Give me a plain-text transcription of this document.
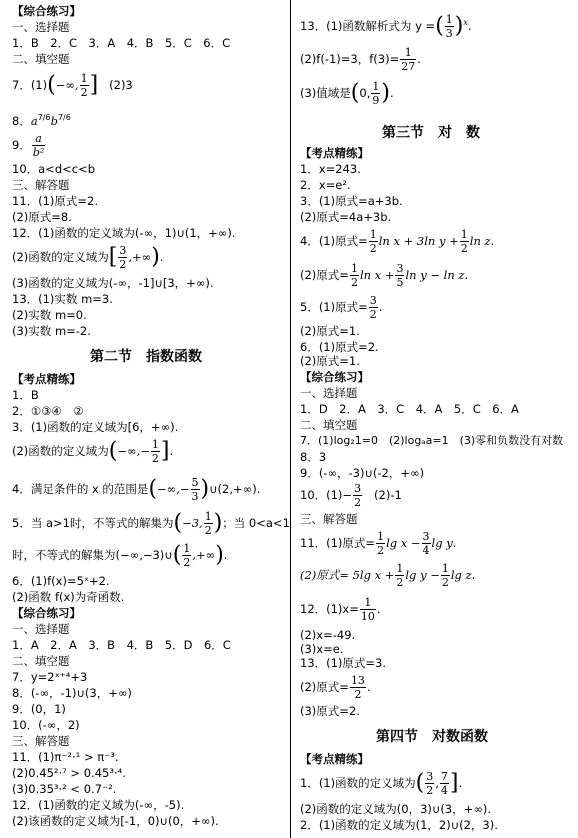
【综合练习】
一、选择题
1．B　2．C　3．A　4．B　5．C　6．C
二、填空题
7．(1)(−∞, $\frac{1}{2}$ ] (2)3
8．$a^{7/6}b^{7/6}$
9． $\frac{a}{\text{b²}}$
10．a<d<c<b
三、解答题
11．(1)原式=2.
(2)原式=8.
12．(1)函数的定义域为(-∞，1)∪(1，+∞).
(2)函数的定义域为[ $\frac{3}{2}$ ,+∞).
(3)函数的定义域为(-∞，-1]∪[3，+∞).
13．(1)实数 m=3.
(2)实数 m=0.
(3)实数 m=-2.
第二节　指数函数
【考点精练】
1．B
2．①③④　②
3．(1)函数的定义域为[6，+∞).
(2)函数的定义域为(−∞,− $\frac{1}{2}$ ].
4．满足条件的 x 的范围是(−∞,− $\frac{5}{3}$ )∪(2,+∞).
5．当 a>1时，不等式的解集为(−3, $\frac{1}{2}$ )；当 0<a<1
时，不等式的解集为(−∞,−3)∪( $\frac{1}{2}$ ,+∞).
6．(1)f(x)=5ˣ+2.
(2)函数 f(x)为奇函数.
【综合练习】
一、选择题
1．A　2．A　3．B　4．B　5．D　6．C
二、填空题
7．y=2ˣ⁺⁴+3
8．(-∞，-1)∪(3，+∞)
9．(0，1)
10．(-∞，2)
三、解答题
11．(1)π⁻²·¹ > π⁻³.
(2)0.45²·⁷ > 0.45³·⁴.
(3)0.35³·² < 0.7⁻².
12．(1)函数的定义域为(-∞，-5).
(2)该函数的定义域为[-1，0)∪(0，+∞).
13．(1)函数解析式为 y =( $\frac{1}{3} )^x$.
(2)f(-1)=3，$f(3)= \frac{1}{27}$ .
(3)值域是(0, $\frac{1}{9}$ ).
第三节　对　数
【考点精练】
1．x=243.
2．x=e².
3．(1)原式=a+3b.
(2)原式=4a+3b.
4．(1)原式= $\frac{1}{2}$ ln x + 3ln $y + \frac{1}{2}$ ln z.
(2)原式= $\frac{1}{2}$ $\ln x + \frac{3}{5}$ ln y − ln z.
5．(1)原式= $\frac{3}{2}$ .
(2)原式=1.
6．(1)原式=2.
(2)原式=1.
【综合练习】
一、选择题
1．D　2．A　3．C　4．A　5．C　6．A
二、填空题
7．(1)log₂1=0　(2)logₐa=1　(3)零和负数没有对数
8．3
9．(-∞，-3)∪(-2，+∞)
10．$(1)- \frac{3}{2} (2)-1$
三、解答题
11．(1)原式= $\frac{1}{2}$ $\lg x - \frac{3}{4}$ lg y.
(2)原式= 5lg $x + \frac{1}{2}$ $\lg y - \frac{1}{2}$ lg z.
12．$(1)x= \frac{1}{10}$ .
(2)x=-49.
(3)x=e.
13．(1)原式=3.
(2)原式= $\frac{13}{2}$ .
(3)原式=2.
第四节　对数函数
【考点精练】
1．(1)函数的定义域为( $\frac{3}{2}$ , $\frac{7}{4}$ ].
(2)函数的定义域为(0，3)∪(3，+∞).
2．(1)函数的定义域为(1，2)∪(2，3).
